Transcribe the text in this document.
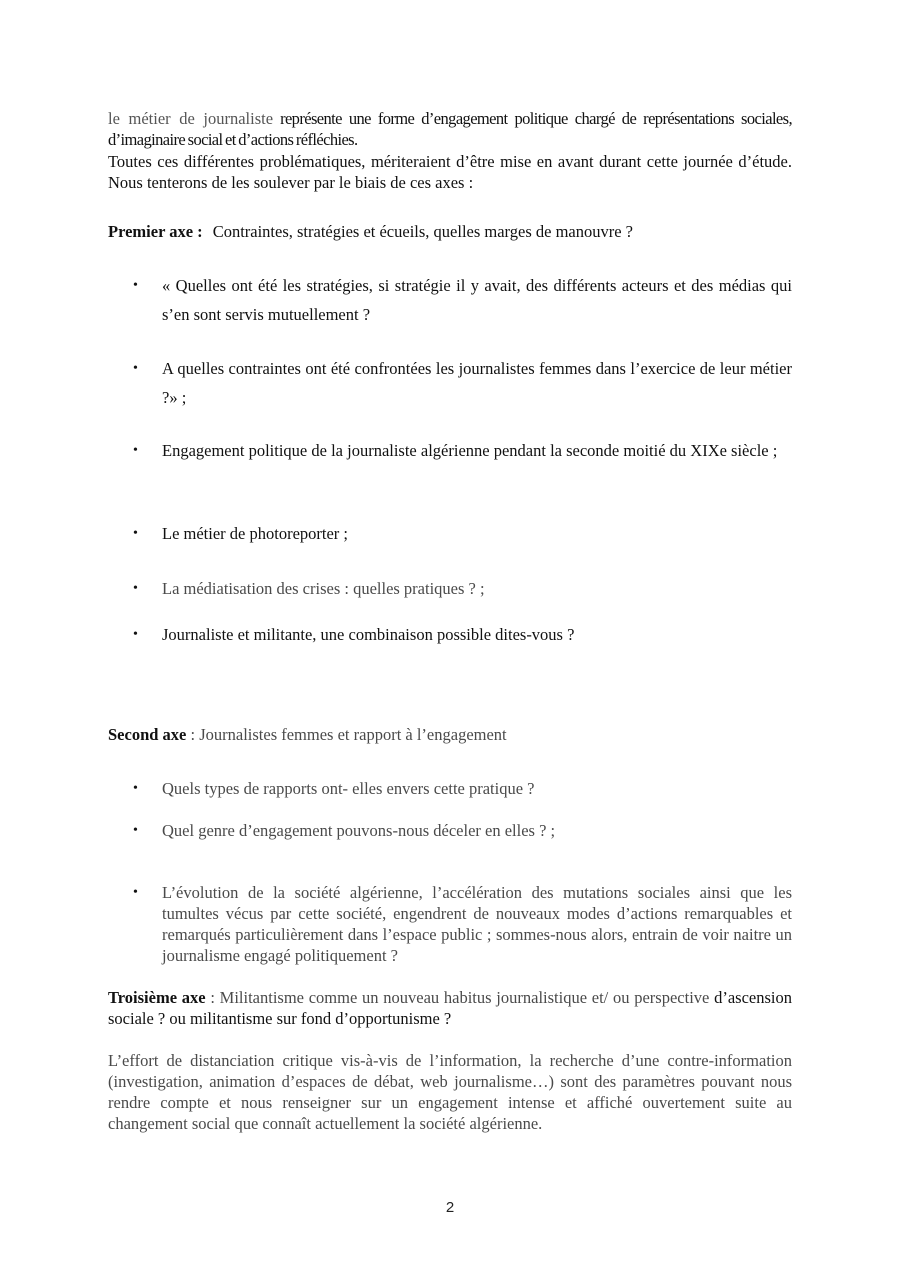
le métier de journaliste représente une forme d’engagement politique chargé de représentations sociales, d’imaginaire social et d’actions réfléchies.

Toutes ces différentes problématiques, mériteraient d’être mise en avant durant cette journée d’étude. Nous tenterons de les soulever par le biais de ces axes :

Premier axe : Contraintes, stratégies et écueils, quelles marges de manouvre ?

• « Quelles ont été les stratégies, si stratégie il y avait, des différents acteurs et des médias qui s’en sont servis mutuellement ?
• A quelles contraintes ont été confrontées les journalistes femmes dans l’exercice de leur métier ?» ;
• Engagement politique de la journaliste algérienne pendant la seconde moitié du XIXe siècle ;
• Le métier de photoreporter ;
• La médiatisation des crises : quelles pratiques ? ;
• Journaliste et militante, une combinaison possible dites-vous ?

Second axe : Journalistes femmes et rapport à l’engagement

• Quels types de rapports ont- elles envers cette pratique ?
• Quel genre d’engagement pouvons-nous déceler en elles ? ;
• L’évolution de la société algérienne, l’accélération des mutations sociales ainsi que les tumultes vécus par cette société, engendrent de nouveaux modes d’actions remarquables et remarqués particulièrement dans l’espace public ; sommes-nous alors, entrain de voir naitre un journalisme engagé politiquement ?

Troisième axe : Militantisme comme un nouveau habitus journalistique et/ ou perspective d’ascension sociale ? ou militantisme sur fond d’opportunisme ?

L’effort de distanciation critique vis-à-vis de l’information, la recherche d’une contre-information (investigation, animation d’espaces de débat, web journalisme…) sont des paramètres pouvant nous rendre compte et nous renseigner sur un engagement intense et affiché ouvertement suite au changement social que connaît actuellement la société algérienne.

2
